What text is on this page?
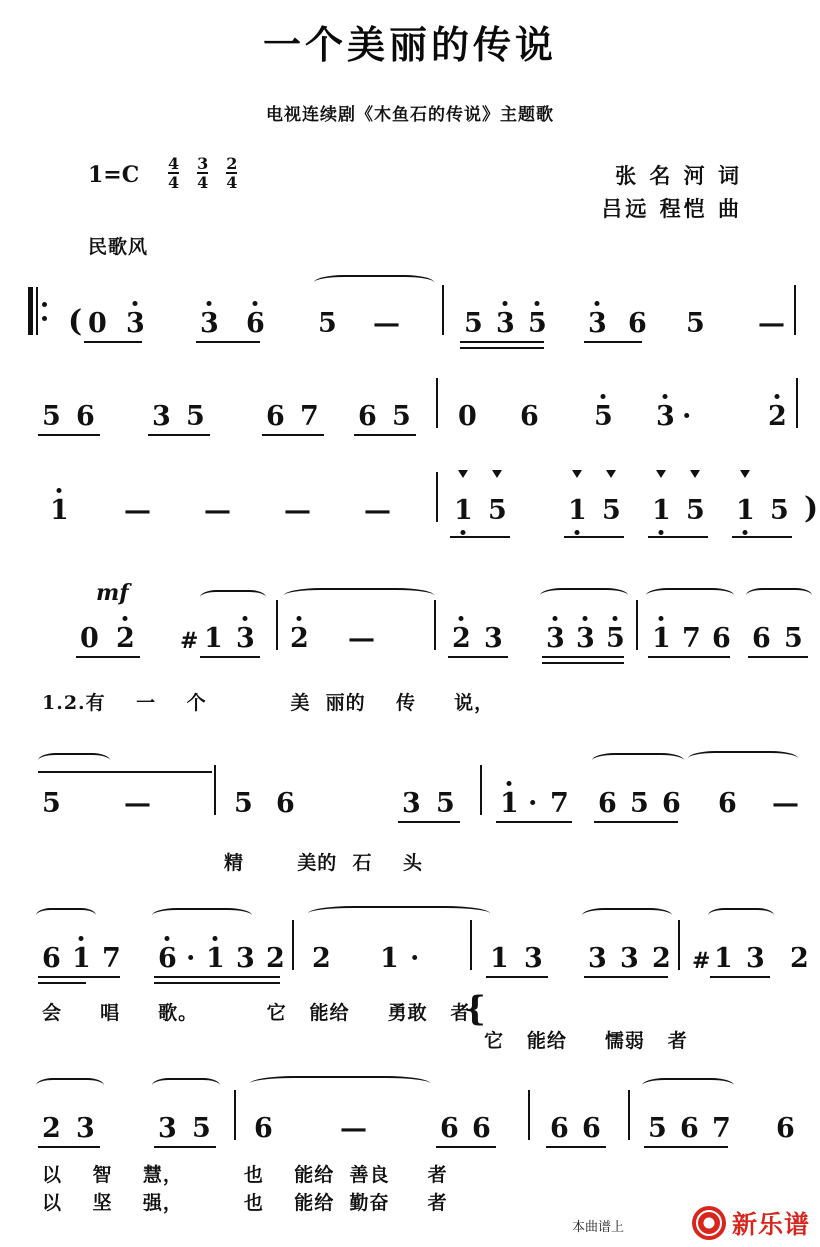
一个美丽的传说
电视连续剧《木鱼石的传说》主题歌
$1=C \frac{4}{4} \frac{3}{4} \frac{2}{4}$	张 名 河 词
吕远 程恺 曲
民歌风
( 0 3 3 6 5 — 5 3 5 3 6 5 —
5 6 3 5 6 7 6 5 0 6 5 3 ·	2
1 — — — — 1 5 1 5 1 5 1 5 )
mf
0 2 # 1 3 2 —	2 3 3 3 5 1 7 6 6 5
1.2.有    一    个           美  丽的    传     说，
5 —	5 6	3 5 1 · 7 6 5 6 6 —
精       美的  石    头
6 1 7 6 · 1 3 2 2 1 ·	1 3 3 3 2 # 1 3 2
{
会     唱     歌。         它   能给     勇敢   者
它   能给     懦弱   者
2 3 3 5 6 —	6 6 6 6 5 6 7 6
以    智    慧，        也    能给  善良     者
以    坚    强，        也    能给  勤奋     者
本曲谱上	新乐谱
